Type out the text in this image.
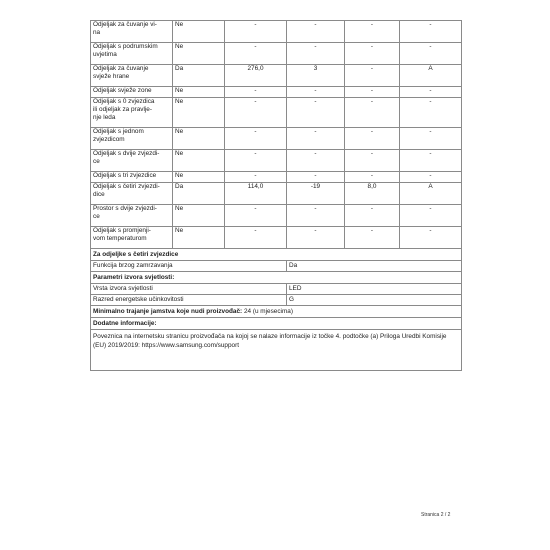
Odjeljak za čuvanje vi-
na	Ne	-	-	-	-
Odjeljak s podrumskim
uvjetima	Ne	-	-	-	-
Odjeljak za čuvanje
svježe hrane	Da	276,0	3	-	A
Odjeljak svježe zone	Ne	-	-	-	-
Odjeljak s 0 zvjezdica
ili odjeljak za pravlje-
nje leda	Ne	-	-	-	-
Odjeljak s jednom
zvjezdicom	Ne	-	-	-	-
Odjeljak s dvije zvjezdi-
ce	Ne	-	-	-	-
Odjeljak s tri zvjezdice	Ne	-	-	-	-
Odjeljak s četiri zvjezdi-
dice	Da	114,0	-19	8,0	A
Prostor s dvije zvjezdi-
ce	Ne	-	-	-	-
Odjeljak s promjenji-
vom temperaturom	Ne	-	-	-	-
Za odjeljke s četiri zvjezdice					
Funkcija brzog zamrzavanja			Da		
Parametri izvora svjetlosti:					
Vrsta izvora svjetlosti			LED		
Razred energetske učinkovitosti			G		
Minimalno trajanje jamstva koje nudi proizvođač: 24 (u mjesecima)					
Dodatne informacije:					
Poveznica na internetsku stranicu proizvođača na kojoj se nalaze informacije iz točke 4. podtočke (a) Priloga Uredbi Komisije (EU) 2019/2019: https://www.samsung.com/support					
Stranica 2 / 2
